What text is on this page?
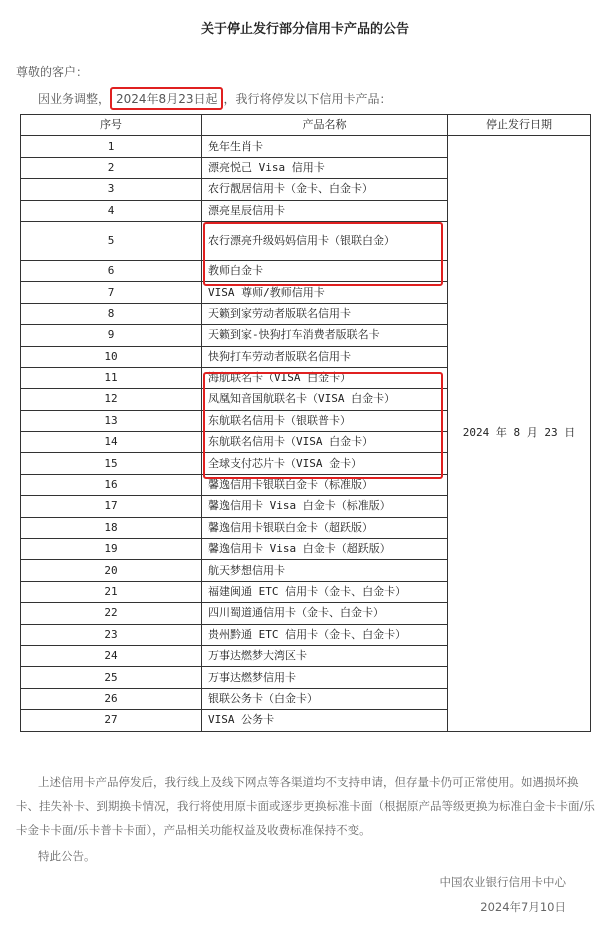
关于停止发行部分信用卡产品的公告
尊敬的客户：
因业务调整， 2024年8月23日起 ，我行将停发以下信用卡产品：
序号	产品名称	停止发行日期
1	免年生肖卡	2024 年 8 月 23 日
2	漂亮悦己 Visa 信用卡	
3	农行靓居信用卡（金卡、白金卡）	
4	漂亮星辰信用卡	
5	农行漂亮升级妈妈信用卡（银联白金）	
6	教师白金卡	
7	VISA 尊师/教师信用卡	
8	天籁到家劳动者版联名信用卡	
9	天籁到家-快狗打车消费者版联名卡	
10	快狗打车劳动者版联名信用卡	
11	海航联名卡（VISA 白金卡）	
12	凤凰知音国航联名卡（VISA 白金卡）	
13	东航联名信用卡（银联普卡）	
14	东航联名信用卡（VISA 白金卡）	
15	全球支付芯片卡（VISA 金卡）	
16	馨逸信用卡银联白金卡（标准版）	
17	馨逸信用卡 Visa 白金卡（标准版）	
18	馨逸信用卡银联白金卡（超跃版）	
19	馨逸信用卡 Visa 白金卡（超跃版）	
20	航天梦想信用卡	
21	福建闽通 ETC 信用卡（金卡、白金卡）	
22	四川蜀道通信用卡（金卡、白金卡）	
23	贵州黔通 ETC 信用卡（金卡、白金卡）	
24	万事达燃梦大湾区卡	
25	万事达燃梦信用卡	
26	银联公务卡（白金卡）	
27	VISA 公务卡	
上述信用卡产品停发后，我行线上及线下网点等各渠道均不支持申请，但存量卡仍可正常使用。如遇损坏换卡、挂失补卡、到期换卡情况，我行将使用原卡面或逐步更换标准卡面（根据原产品等级更换为标准白金卡卡面/乐卡金卡卡面/乐卡普卡卡面），产品相关功能权益及收费标准保持不变。
特此公告。
中国农业银行信用卡中心
2024年7月10日
